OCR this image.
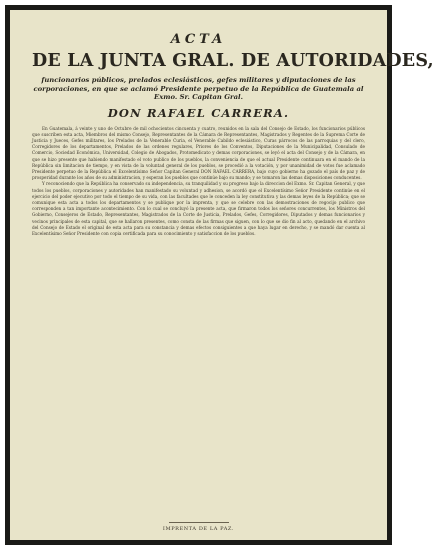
ACTA
DE LA JUNTA GRAL. DE AUTORIDADES,
funcionarios públicos, prelados eclesiásticos, gefes militares y diputaciones de las corporaciones, en que se aclamó Presidente perpetuo de la República de Guatemala al Exmo. Sr. Capitan Gral.
DON RAFAEL CARRERA.

En Guatemala, á veinte y uno de Octubre de mil ochocientos cincuenta y cuatro, reunidos en la sala del Consejo de Estado, los funcionarios públicos que suscriben esta acta, Miembros del mismo Consejo, Representantes de la Cámara de Representantes, Magistrados y Regentes de la Suprema Corte de Justicia y Jueces, Gefes militares, los Prelados de la Venerable Curia, el Venerable Cabildo eclesiástico, Curas párrocos de las parroquias y del clero, Corregidores de los departamentos, Prelados de las ordenes regulares, Priores de los Conventos, Diputaciones de la Municipalidad, Consulado de Comercio, Sociedad Económica, Universidad, Colegio de Abogados, Protomedicato y demas corporaciones, se leyó el acta del Consejo y de la Cámara, en que se hizo presente que habiendo manifestado el voto publico de los pueblos, la conveniencia de que el actual Presidente continuara en el mando de la República sin limitacion de tiempo, y en vista de la voluntad general de los pueblos, se procedió a la votación, y por unanimidad de votos fue aclamado Presidente perpetuo de la República el Excelentísimo Señor Capitan General DON RAFAEL CARRERA, bajo cuyo gobierno ha gozado el país de paz y de prosperidad durante los años de su administracion, y esperan los pueblos que continúe bajo su mando; y se tomaron las demas disposiciones conducentes.

Y reconociendo que la República ha conservado su independencia, su tranquilidad y su progreso bajo la direccion del Exmo. Sr. Capitan General, y que todos los pueblos, corporaciones y autoridades han manifestado su voluntad y adhesion, se acordó que el Excelentísimo Señor Presidente continúe en el ejercicio del poder ejecutivo por todo el tiempo de su vida, con las facultades que le conceden la ley constitutiva y las demas leyes de la República; que se comunique esta acta a todos los departamentos y se publique por la imprenta, y que se celebre con las demostraciones de regocijo publico que corresponden a tan importante acontecimiento. Con lo cual se concluyó la presente acta, que firmaron todos los señores concurrentes, los Ministros del Gobierno, Consejeros de Estado, Representantes, Magistrados de la Corte de Justicia, Prelados, Gefes, Corregidores, Diputados y demas funcionarios y vecinos principales de esta capital, que se hallaron presentes, como consta de las firmas que siguen, con lo que se dio fin al acto, quedando en el archivo del Consejo de Estado el original de esta acta para su constancia y demas efectos consiguientes a que haya lugar en derecho, y se mandó dar cuenta al Excelentísimo Señor Presidente con copia certificada para su conocimiento y satisfaccion de los pueblos.

IMPRENTA DE LA PAZ.
